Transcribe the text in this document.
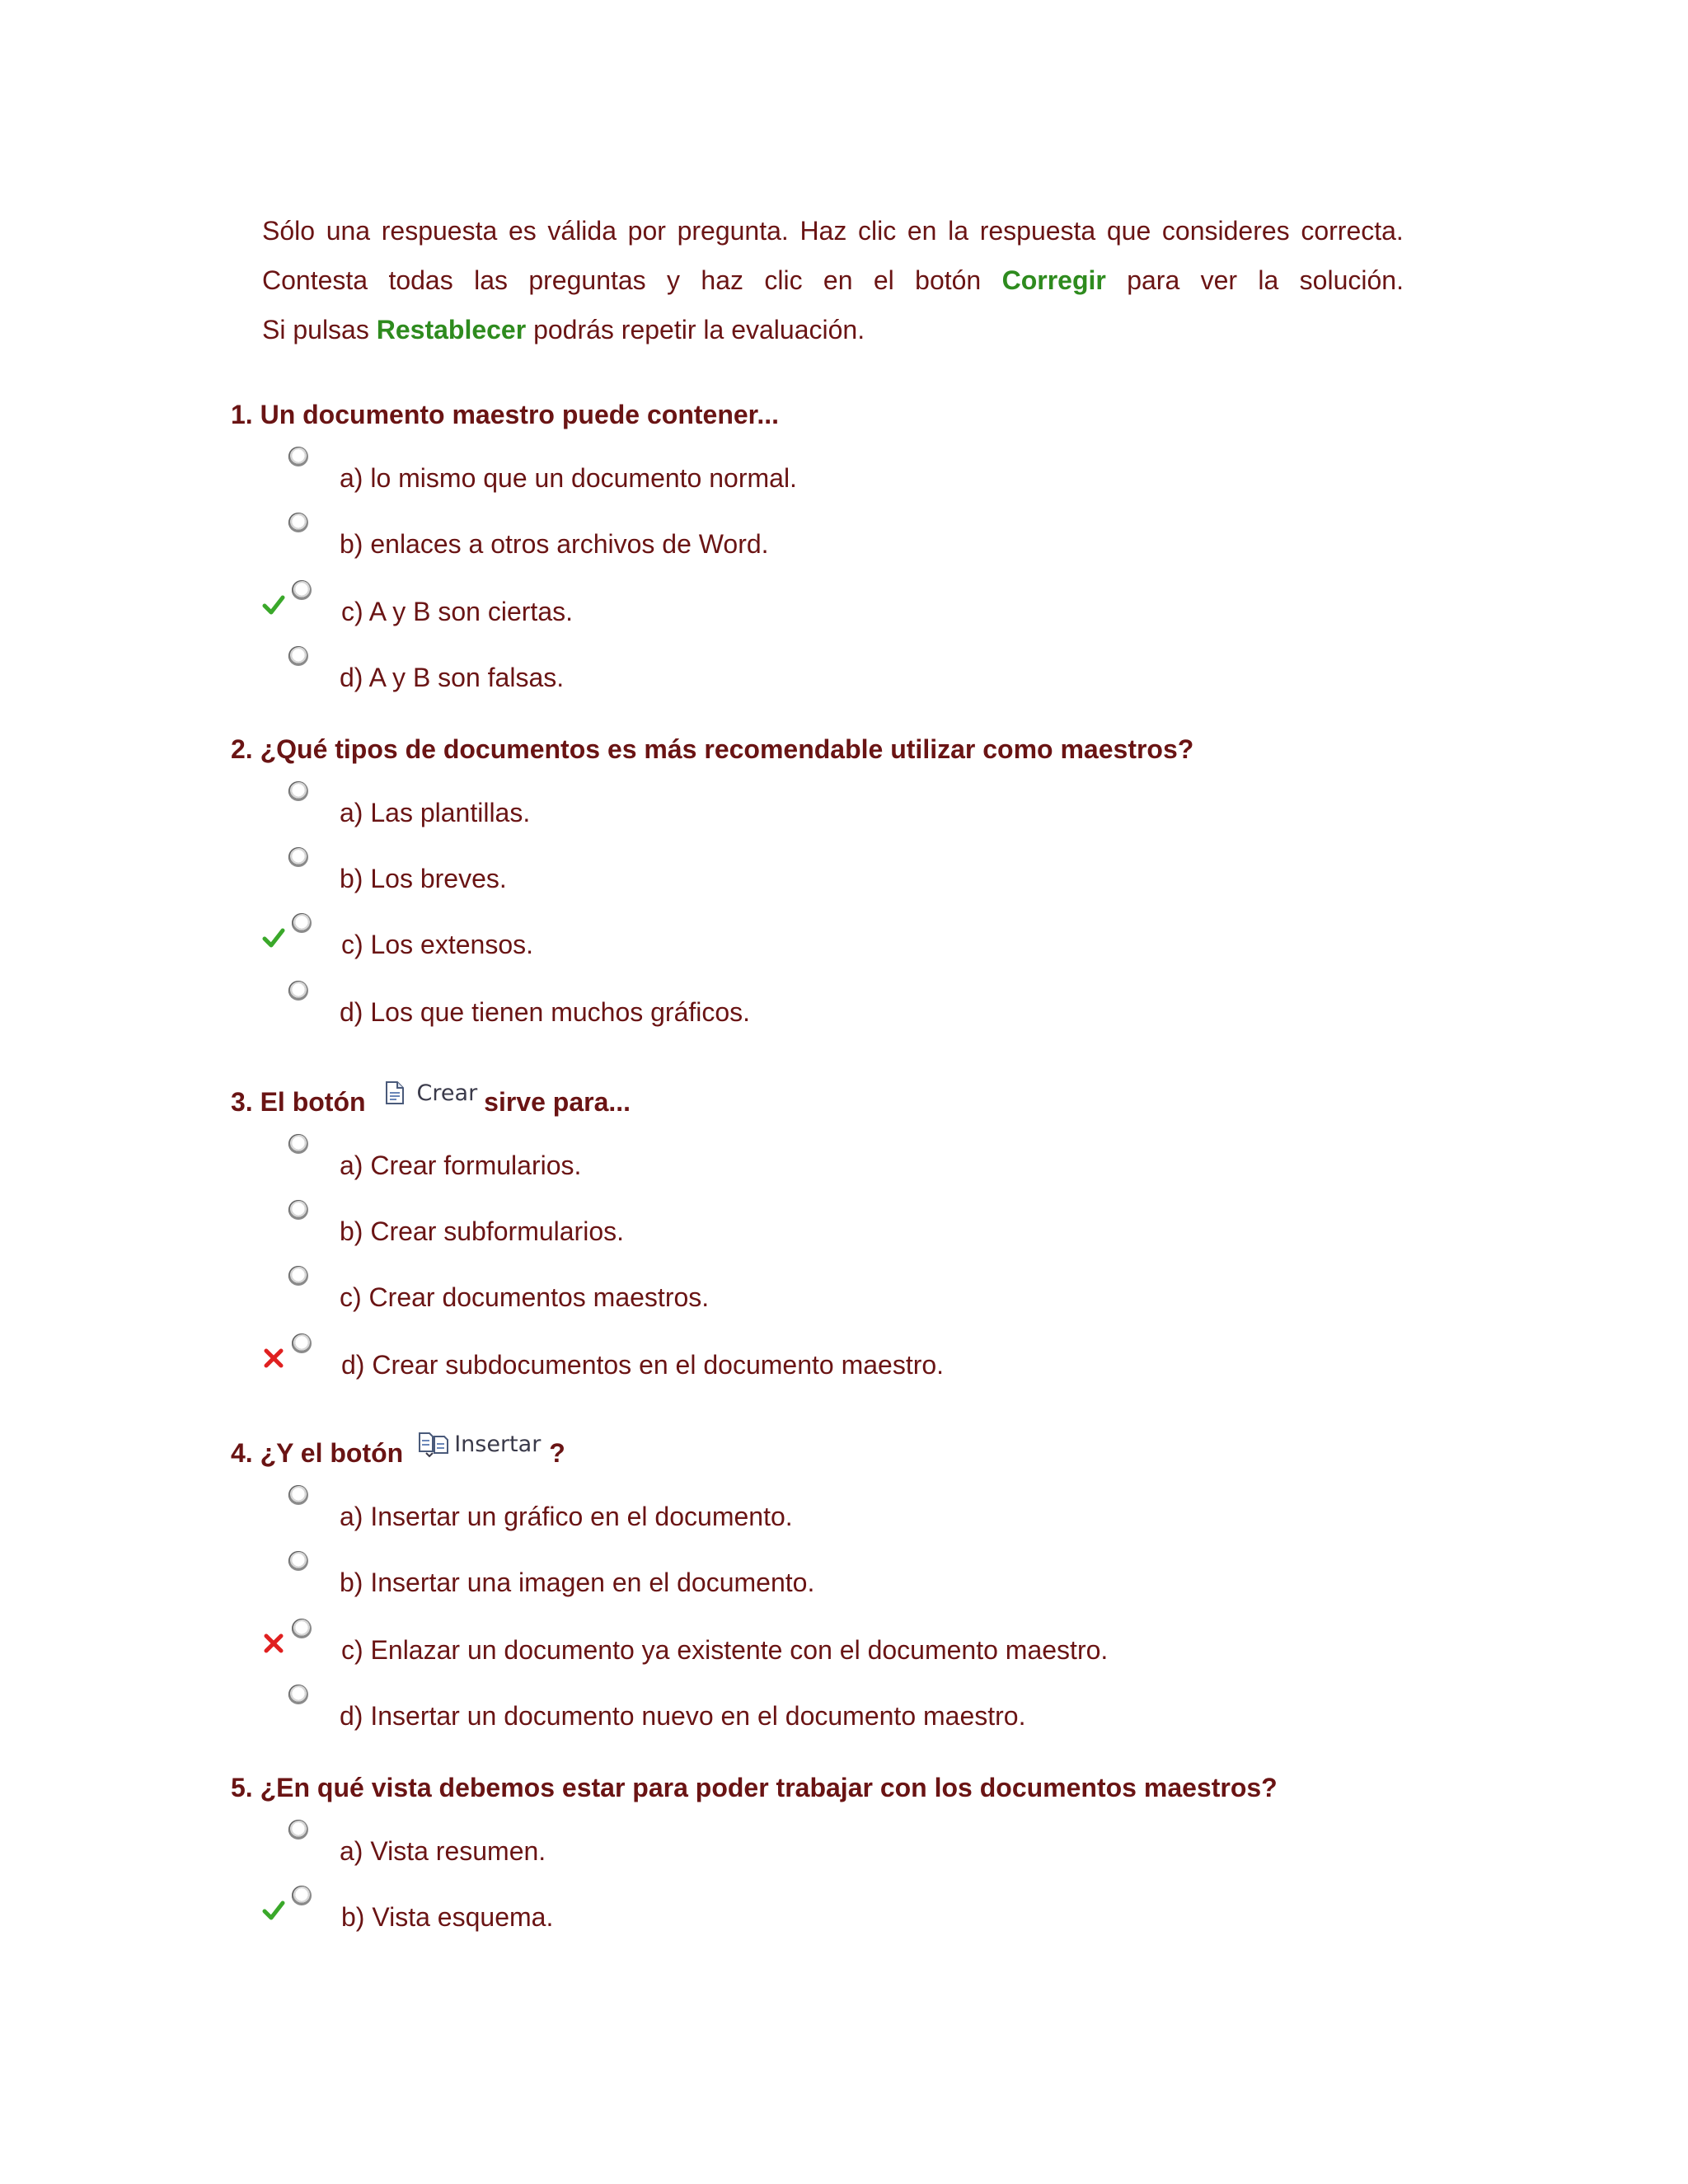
Sólo una respuesta es válida por pregunta. Haz clic en la respuesta que consideres correcta.
Contesta todas las preguntas y haz clic en el botón Corregir para ver la solución.
Si pulsas Restablecer podrás repetir la evaluación.
1. Un documento maestro puede contener...
a) lo mismo que un documento normal.
b) enlaces a otros archivos de Word.
c) A y B son ciertas.
d) A y B son falsas.
2. ¿Qué tipos de documentos es más recomendable utilizar como maestros?
a) Las plantillas.
b) Los breves.
c) Los extensos.
d) Los que tienen muchos gráficos.
3. El botón Crear sirve para...
a) Crear formularios.
b) Crear subformularios.
c) Crear documentos maestros.
d) Crear subdocumentos en el documento maestro.
4. ¿Y el botón Insertar ?
a) Insertar un gráfico en el documento.
b) Insertar una imagen en el documento.
c) Enlazar un documento ya existente con el documento maestro.
d) Insertar un documento nuevo en el documento maestro.
5. ¿En qué vista debemos estar para poder trabajar con los documentos maestros?
a) Vista resumen.
b) Vista esquema.
